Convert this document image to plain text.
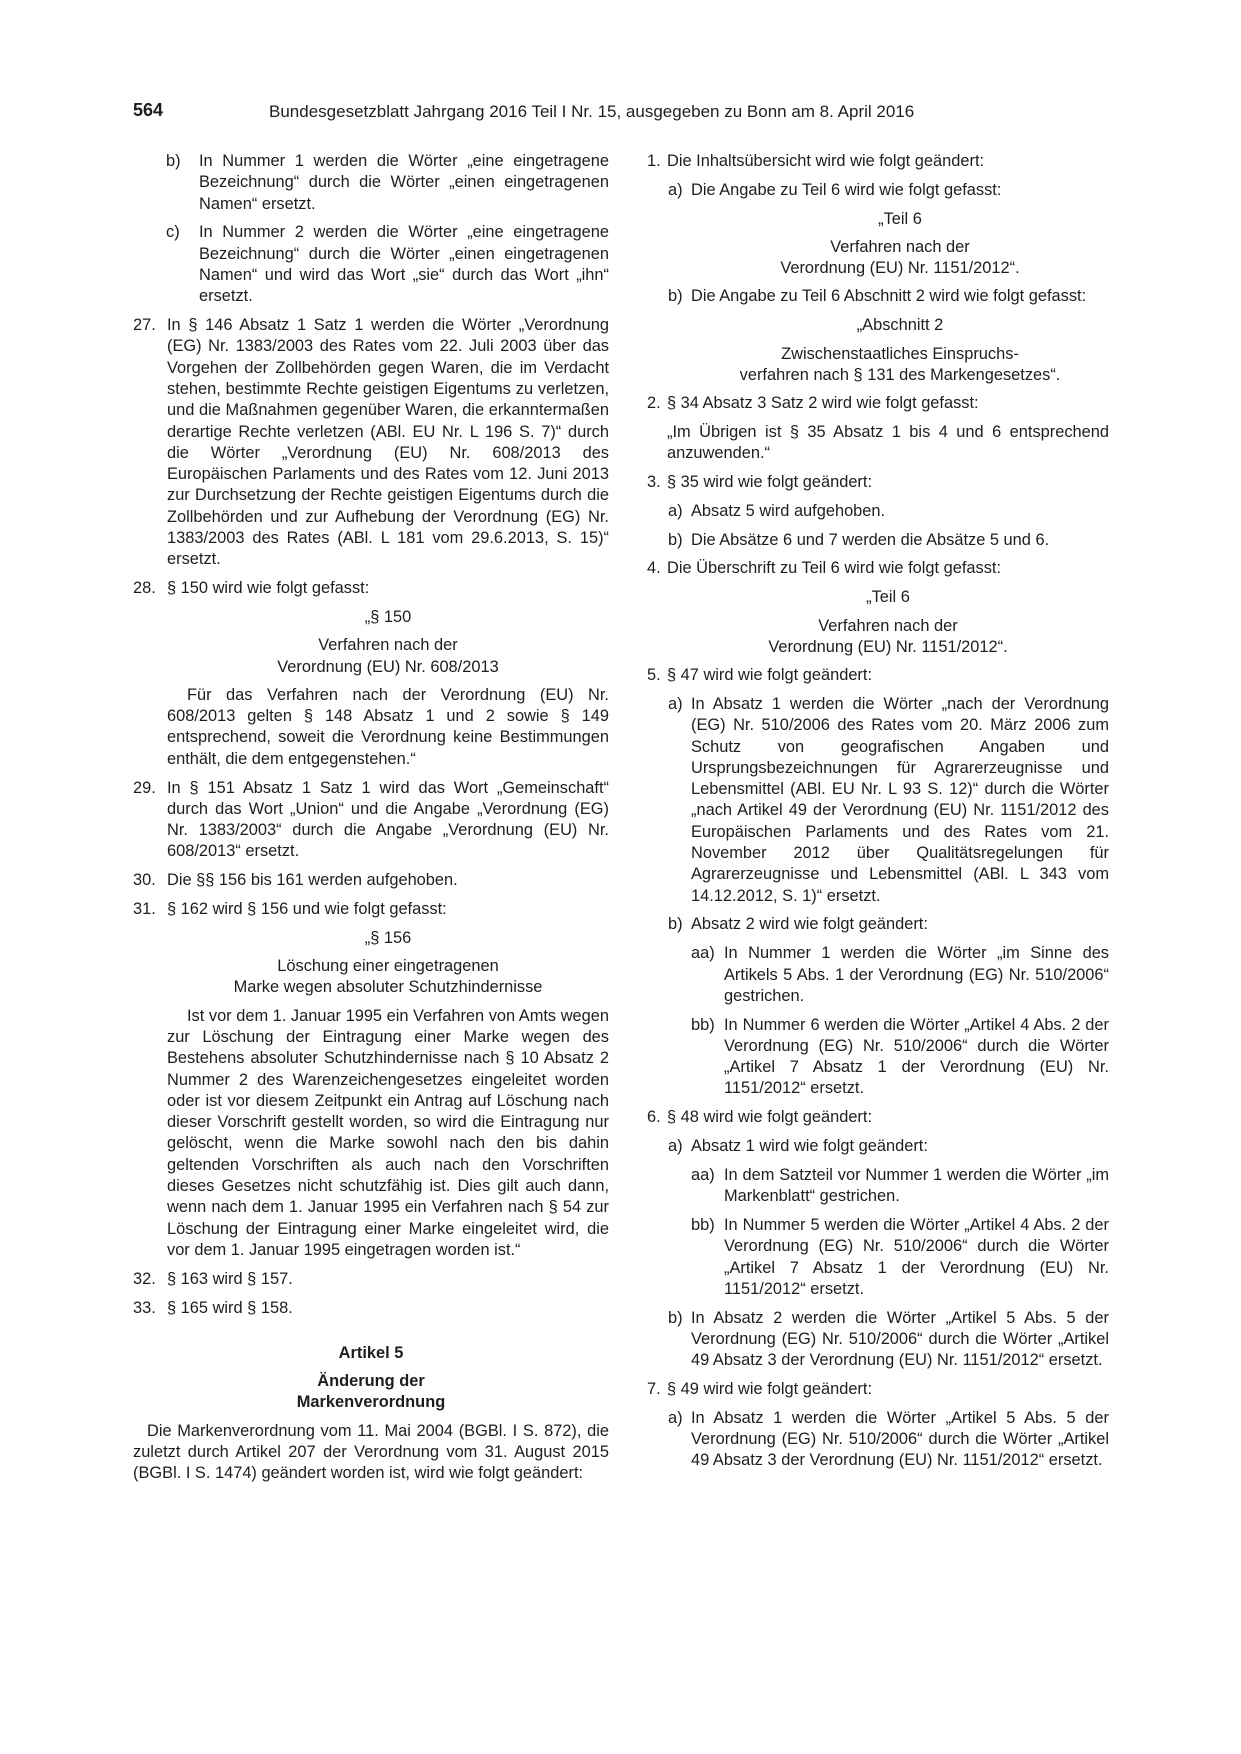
564	Bundesgesetzblatt Jahrgang 2016 Teil I Nr. 15, ausgegeben zu Bonn am 8. April 2016
b) In Nummer 1 werden die Wörter „eine eingetragene Bezeichnung“ durch die Wörter „einen eingetragenen Namen“ ersetzt.
c) In Nummer 2 werden die Wörter „eine eingetragene Bezeichnung“ durch die Wörter „einen eingetragenen Namen“ und wird das Wort „sie“ durch das Wort „ihn“ ersetzt.
27. In § 146 Absatz 1 Satz 1 werden die Wörter „Verordnung (EG) Nr. 1383/2003 des Rates vom 22. Juli 2003 über das Vorgehen der Zollbehörden gegen Waren, die im Verdacht stehen, bestimmte Rechte geistigen Eigentums zu verletzen, und die Maßnahmen gegenüber Waren, die erkanntermaßen derartige Rechte verletzen (ABl. EU Nr. L 196 S. 7)“ durch die Wörter „Verordnung (EU) Nr. 608/2013 des Europäischen Parlaments und des Rates vom 12. Juni 2013 zur Durchsetzung der Rechte geistigen Eigentums durch die Zollbehörden und zur Aufhebung der Verordnung (EG) Nr. 1383/2003 des Rates (ABl. L 181 vom 29.6.2013, S. 15)“ ersetzt.
28. § 150 wird wie folgt gefasst:
„§ 150
Verfahren nach der
Verordnung (EU) Nr. 608/2013
Für das Verfahren nach der Verordnung (EU) Nr. 608/2013 gelten § 148 Absatz 1 und 2 sowie § 149 entsprechend, soweit die Verordnung keine Bestimmungen enthält, die dem entgegenstehen.“
29. In § 151 Absatz 1 Satz 1 wird das Wort „Gemeinschaft“ durch das Wort „Union“ und die Angabe „Verordnung (EG) Nr. 1383/2003“ durch die Angabe „Verordnung (EU) Nr. 608/2013“ ersetzt.
30. Die §§ 156 bis 161 werden aufgehoben.
31. § 162 wird § 156 und wie folgt gefasst:
„§ 156
Löschung einer eingetragenen
Marke wegen absoluter Schutzhindernisse
Ist vor dem 1. Januar 1995 ein Verfahren von Amts wegen zur Löschung der Eintragung einer Marke wegen des Bestehens absoluter Schutzhindernisse nach § 10 Absatz 2 Nummer 2 des Warenzeichengesetzes eingeleitet worden oder ist vor diesem Zeitpunkt ein Antrag auf Löschung nach dieser Vorschrift gestellt worden, so wird die Eintragung nur gelöscht, wenn die Marke sowohl nach den bis dahin geltenden Vorschriften als auch nach den Vorschriften dieses Gesetzes nicht schutzfähig ist. Dies gilt auch dann, wenn nach dem 1. Januar 1995 ein Verfahren nach § 54 zur Löschung der Eintragung einer Marke eingeleitet wird, die vor dem 1. Januar 1995 eingetragen worden ist.“
32. § 163 wird § 157.
33. § 165 wird § 158.
Artikel 5
Änderung der
Markenverordnung
Die Markenverordnung vom 11. Mai 2004 (BGBl. I S. 872), die zuletzt durch Artikel 207 der Verordnung vom 31. August 2015 (BGBl. I S. 1474) geändert worden ist, wird wie folgt geändert:
1. Die Inhaltsübersicht wird wie folgt geändert:
a) Die Angabe zu Teil 6 wird wie folgt gefasst:
„Teil 6
Verfahren nach der
Verordnung (EU) Nr. 1151/2012“.
b) Die Angabe zu Teil 6 Abschnitt 2 wird wie folgt gefasst:
„Abschnitt 2
Zwischenstaatliches Einspruchs-
verfahren nach § 131 des Markengesetzes“.
2. § 34 Absatz 3 Satz 2 wird wie folgt gefasst:
„Im Übrigen ist § 35 Absatz 1 bis 4 und 6 entsprechend anzuwenden.“
3. § 35 wird wie folgt geändert:
a) Absatz 5 wird aufgehoben.
b) Die Absätze 6 und 7 werden die Absätze 5 und 6.
4. Die Überschrift zu Teil 6 wird wie folgt gefasst:
„Teil 6
Verfahren nach der
Verordnung (EU) Nr. 1151/2012“.
5. § 47 wird wie folgt geändert:
a) In Absatz 1 werden die Wörter „nach der Verordnung (EG) Nr. 510/2006 des Rates vom 20. März 2006 zum Schutz von geografischen Angaben und Ursprungsbezeichnungen für Agrarerzeugnisse und Lebensmittel (ABl. EU Nr. L 93 S. 12)“ durch die Wörter „nach Artikel 49 der Verordnung (EU) Nr. 1151/2012 des Europäischen Parlaments und des Rates vom 21. November 2012 über Qualitätsregelungen für Agrarerzeugnisse und Lebensmittel (ABl. L 343 vom 14.12.2012, S. 1)“ ersetzt.
b) Absatz 2 wird wie folgt geändert:
aa) In Nummer 1 werden die Wörter „im Sinne des Artikels 5 Abs. 1 der Verordnung (EG) Nr. 510/2006“ gestrichen.
bb) In Nummer 6 werden die Wörter „Artikel 4 Abs. 2 der Verordnung (EG) Nr. 510/2006“ durch die Wörter „Artikel 7 Absatz 1 der Verordnung (EU) Nr. 1151/2012“ ersetzt.
6. § 48 wird wie folgt geändert:
a) Absatz 1 wird wie folgt geändert:
aa) In dem Satzteil vor Nummer 1 werden die Wörter „im Markenblatt“ gestrichen.
bb) In Nummer 5 werden die Wörter „Artikel 4 Abs. 2 der Verordnung (EG) Nr. 510/2006“ durch die Wörter „Artikel 7 Absatz 1 der Verordnung (EU) Nr. 1151/2012“ ersetzt.
b) In Absatz 2 werden die Wörter „Artikel 5 Abs. 5 der Verordnung (EG) Nr. 510/2006“ durch die Wörter „Artikel 49 Absatz 3 der Verordnung (EU) Nr. 1151/2012“ ersetzt.
7. § 49 wird wie folgt geändert:
a) In Absatz 1 werden die Wörter „Artikel 5 Abs. 5 der Verordnung (EG) Nr. 510/2006“ durch die Wörter „Artikel 49 Absatz 3 der Verordnung (EU) Nr. 1151/2012“ ersetzt.
